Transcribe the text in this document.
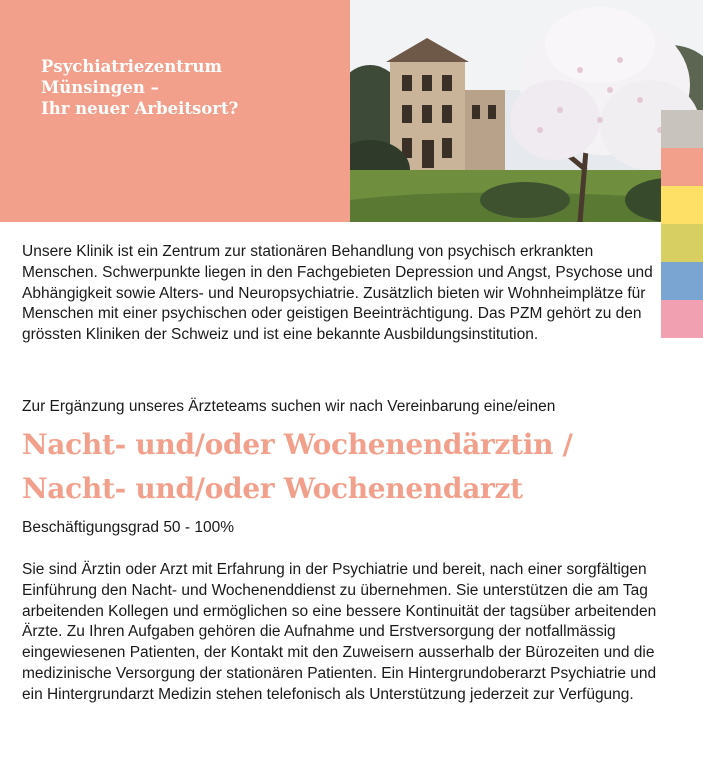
Psychiatriezentrum
Münsingen –
Ihr neuer Arbeitsort?

Unsere Klinik ist ein Zentrum zur stationären Behandlung von psychisch erkrankten Menschen. Schwerpunkte liegen in den Fachgebieten Depression und Angst, Psychose und Abhängigkeit sowie Alters- und Neuropsychiatrie. Zusätzlich bieten wir Wohnheimplätze für Menschen mit einer psychischen oder geistigen Beeinträchtigung. Das PZM gehört zu den grössten Kliniken der Schweiz und ist eine bekannte Ausbildungsinstitution.

Zur Ergänzung unseres Ärzteteams suchen wir nach Vereinbarung eine/einen

Nacht- und/oder Wochenendärztin /
Nacht- und/oder Wochenendarzt

Beschäftigungsgrad 50 - 100%

Sie sind Ärztin oder Arzt mit Erfahrung in der Psychiatrie und bereit, nach einer sorgfältigen Einführung den Nacht- und Wochenenddienst zu übernehmen. Sie unterstützen die am Tag arbeitenden Kollegen und ermöglichen so eine bessere Kontinuität der tagsüber arbeitenden Ärzte. Zu Ihren Aufgaben gehören die Aufnahme und Erstversorgung der notfallmässig eingewiesenen Patienten, der Kontakt mit den Zuweisern ausserhalb der Bürozeiten und die medizinische Versorgung der stationären Patienten. Ein Hintergrundoberarzt Psychiatrie und ein Hintergrundarzt Medizin stehen telefonisch als Unterstützung jederzeit zur Verfügung.
